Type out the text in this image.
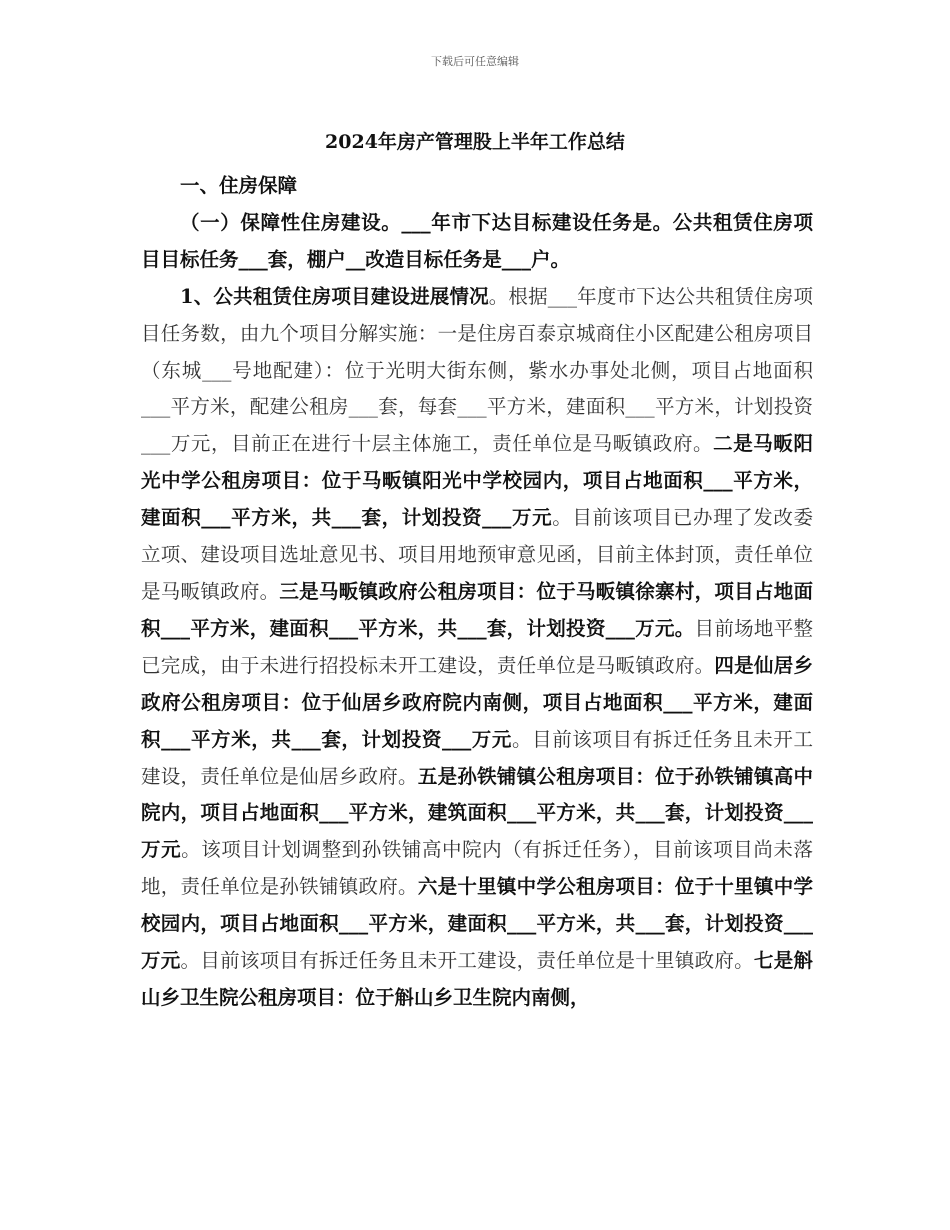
下载后可任意编辑
2024年房产管理股上半年工作总结

一、住房保障

（一）保障性住房建设。___年市下达目标建设任务是。公共租赁住房项目目标任务___套，棚户__改造目标任务是___户。

1、公共租赁住房项目建设进展情况。根据___年度市下达公共租赁住房项目任务数，由九个项目分解实施：一是住房百泰京城商住小区配建公租房项目（东城___号地配建）：位于光明大街东侧，紫水办事处北侧，项目占地面积___平方米，配建公租房___套，每套___平方米，建面积___平方米，计划投资___万元，目前正在进行十层主体施工，责任单位是马畈镇政府。二是马畈阳光中学公租房项目：位于马畈镇阳光中学校园内，项目占地面积___平方米，建面积___平方米，共___套，计划投资___万元。目前该项目已办理了发改委立项、建设项目选址意见书、项目用地预审意见函，目前主体封顶，责任单位是马畈镇政府。三是马畈镇政府公租房项目：位于马畈镇徐寨村，项目占地面积___平方米，建面积___平方米，共___套，计划投资___万元。目前场地平整已完成，由于未进行招投标未开工建设，责任单位是马畈镇政府。四是仙居乡政府公租房项目：位于仙居乡政府院内南侧，项目占地面积___平方米，建面积___平方米，共___套，计划投资___万元。目前该项目有拆迁任务且未开工建设，责任单位是仙居乡政府。五是孙铁铺镇公租房项目：位于孙铁铺镇高中院内，项目占地面积___平方米，建筑面积___平方米，共___套，计划投资___万元。该项目计划调整到孙铁铺高中院内（有拆迁任务），目前该项目尚未落地，责任单位是孙铁铺镇政府。六是十里镇中学公租房项目：位于十里镇中学校园内，项目占地面积___平方米，建面积___平方米，共___套，计划投资___万元。目前该项目有拆迁任务且未开工建设，责任单位是十里镇政府。七是斛山乡卫生院公租房项目：位于斛山乡卫生院内南侧，
